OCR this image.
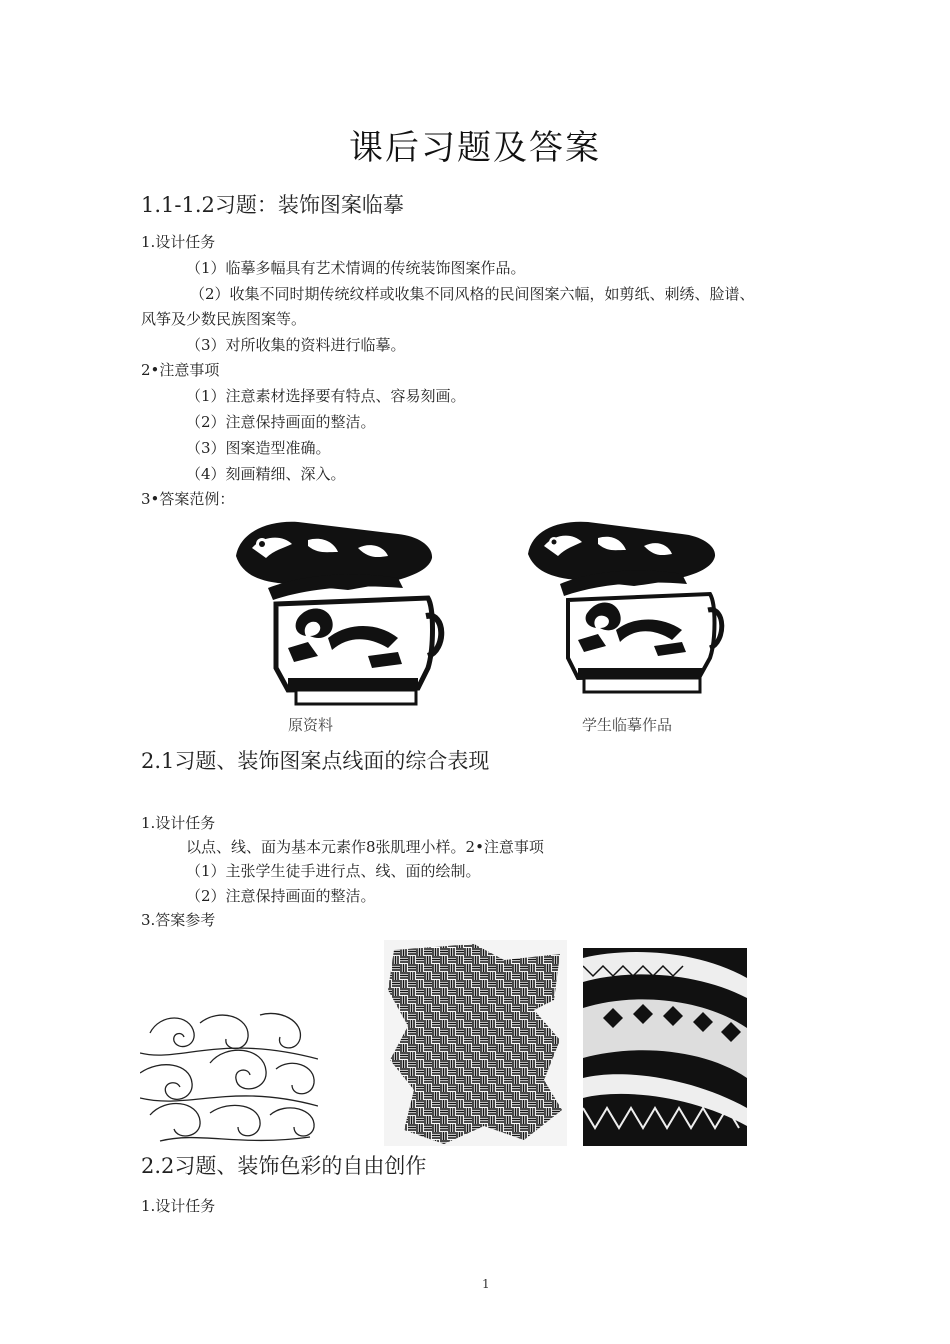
课后习题及答案
1.1-1.2习题：装饰图案临摹
1.设计任务
（1）临摹多幅具有艺术情调的传统装饰图案作品。
（2）收集不同时期传统纹样或收集不同风格的民间图案六幅，如剪纸、刺绣、脸谱、
风筝及少数民族图案等。
（3）对所收集的资料进行临摹。
2•注意事项
（1）注意素材选择要有特点、容易刻画。
（2）注意保持画面的整洁。
（3）图案造型准确。
（4）刻画精细、深入。
3•答案范例：
原资料	学生临摹作品
2.1习题、装饰图案点线面的综合表现
1.设计任务
以点、线、面为基本元素作8张肌理小样。2•注意事项
（1）主张学生徒手进行点、线、面的绘制。
（2）注意保持画面的整洁。
3.答案参考
2.2习题、装饰色彩的自由创作
1.设计任务
1
